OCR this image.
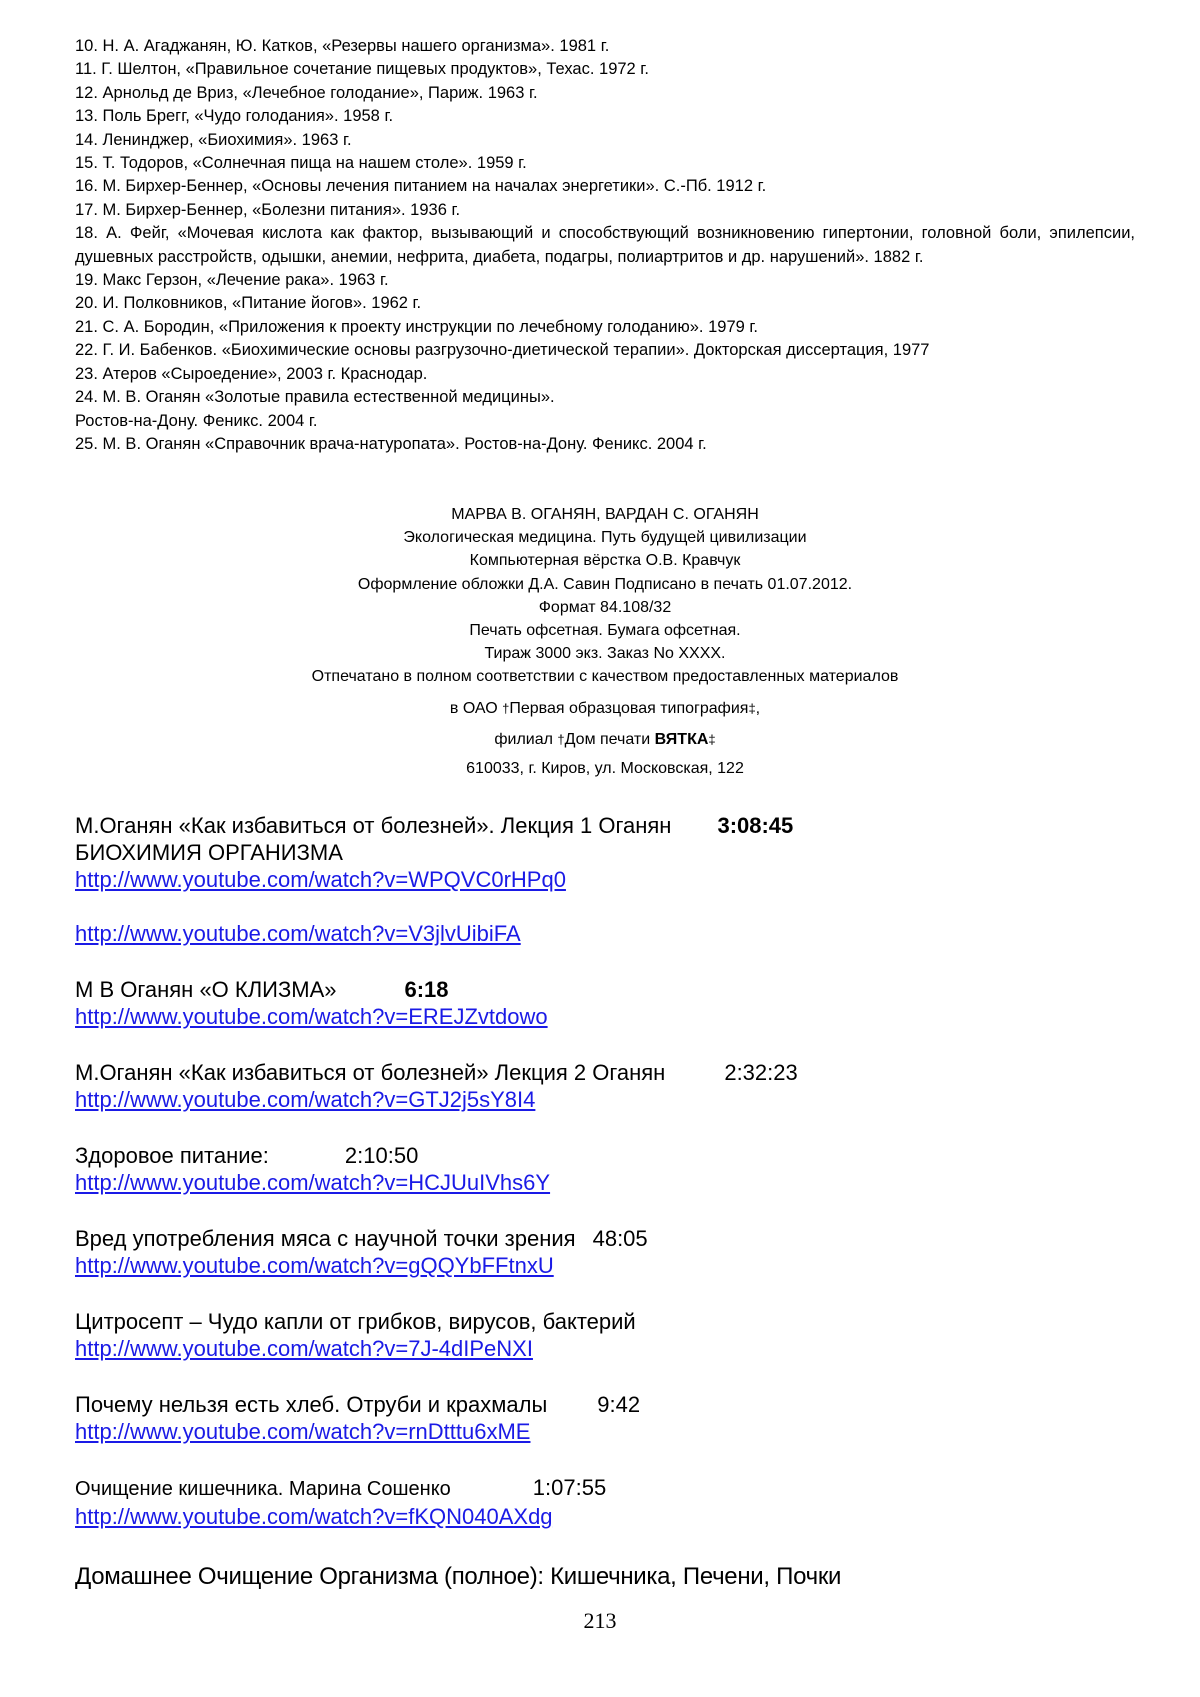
10. Н. А. Агаджанян, Ю. Катков, «Резервы нашего организма». 1981 г.

11. Г. Шелтон, «Правильное сочетание пищевых продуктов», Техас. 1972 г.

12. Арнольд де Вриз, «Лечебное голодание», Париж. 1963 г.

13. Поль Брегг, «Чудо голодания». 1958 г.

14. Ленинджер, «Биохимия». 1963 г.

15. Т. Тодоров, «Солнечная пища на нашем столе». 1959 г.

16. М. Бирхер-Беннер, «Основы лечения питанием на началах энергетики». С.-Пб. 1912 г.

17. М. Бирхер-Беннер, «Болезни питания». 1936 г.

18. А. Фейг, «Мочевая кислота как фактор, вызывающий и способствующий возникновению гипертонии, головной боли, эпилепсии, душевных расстройств, одышки, анемии, нефрита, диабета, подагры, полиартритов и др. нарушений». 1882 г.

19. Макс Герзон, «Лечение рака». 1963 г.

20. И. Полковников, «Питание йогов». 1962 г.

21. С. А. Бородин, «Приложения к проекту инструкции по лечебному голоданию». 1979 г.

22. Г. И. Бабенков. «Биохимические основы разгрузочно-диетической терапии». Докторская диссертация, 1977

23. Атеров «Сыроедение», 2003 г. Краснодар.

24. М. В. Оганян «Золотые правила естественной медицины».

Ростов-на-Дону. Феникс. 2004 г.

25. М. В. Оганян «Справочник врача-натуропата». Ростов-на-Дону. Феникс. 2004 г.

МАРВА В. ОГАНЯН, ВАРДАН С. ОГАНЯН
Экологическая медицина. Путь будущей цивилизации
Компьютерная вёрстка О.В. Кравчук
Оформление обложки Д.А. Савин Подписано в печать 01.07.2012.
Формат 84.108/32
Печать офсетная. Бумага офсетная.
Тираж 3000 экз. Заказ No XXXX.
Отпечатано в полном соответствии с качеством предоставленных материалов
в ОАО †Первая образцовая типография‡,
филиал †Дом печати ВЯТКА‡
610033, г. Киров, ул. Московская, 122
М.Оганян «Как избавиться от болезней». Лекция 1 Оганян 3:08:45
БИОХИМИЯ ОРГАНИЗМА
http://www.youtube.com/watch?v=WPQVC0rHPq0
http://www.youtube.com/watch?v=V3jlvUibiFA
М В Оганян «О КЛИЗМА»	6:18
http://www.youtube.com/watch?v=EREJZvtdowo
М.Оганян «Как избавиться от болезней» Лекция 2 Оганян	2:32:23
http://www.youtube.com/watch?v=GTJ2j5sY8I4
Здоровое питание:	2:10:50
http://www.youtube.com/watch?v=HCJUuIVhs6Y
Вред употребления мяса с научной точки зрения 48:05
http://www.youtube.com/watch?v=gQQYbFFtnxU
Цитросепт – Чудо капли от грибков, вирусов, бактерий
http://www.youtube.com/watch?v=7J-4dIPeNXI
Почему нельзя есть хлеб. Отруби и крахмалы 9:42
http://www.youtube.com/watch?v=rnDtttu6xME
Очищение кишечника. Марина Сошенко	1:07:55
http://www.youtube.com/watch?v=fKQN040AXdg
Домашнее Очищение Организма (полное): Кишечника, Печени, Почки
213
